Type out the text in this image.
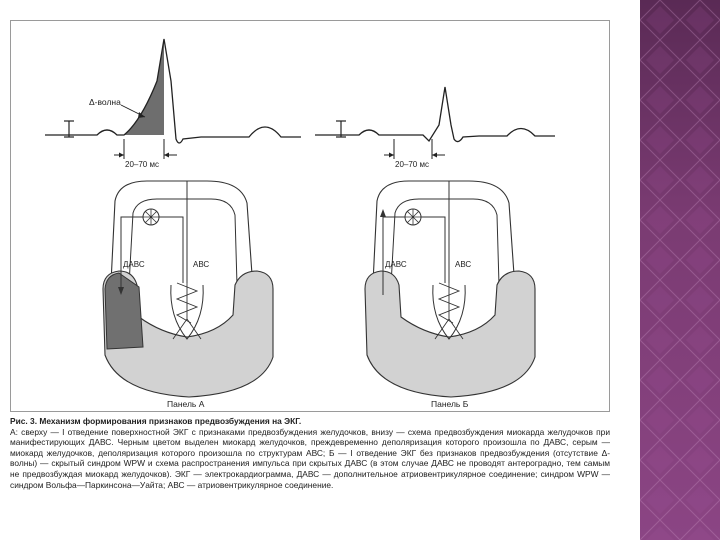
Δ-волна
20–70 мс	20–70 мс
ДАВС	АВС
Панель А
ДАВС	АВС
Панель Б

Рис. 3. Механизм формирования признаков предвозбуждения на ЭКГ.

А: сверху — I отведение поверхностной ЭКГ с признаками предвозбуждения желудочков, внизу — схема предвозбуждения миокарда желудочков при манифестирующих ДАВС. Черным цветом выделен миокард желудочков, преждевременно деполяризация которого произошла по ДАВС, серым — миокард желудочков, деполяризация которого произошла по структурам АВС; Б — I отведение ЭКГ без признаков предвозбуждения (отсутствие Δ-волны) — скрытый синдром WPW и схема распространения импульса при скрытых ДАВС (в этом случае ДАВС не проводят антероградно, тем самым не предвозбуждая миокард желудочков). ЭКГ — электрокардиограмма, ДАВС — дополнительное атриовентрикулярное соединение; синдром WPW — синдром Вольфа—Паркинсона—Уайта; АВС — атриовентрикулярное соединение.
